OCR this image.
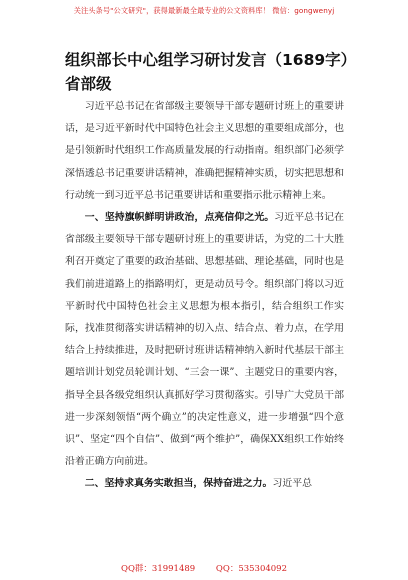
关注头条号"公文研究"，获得最新最全最专业的公文资料库！ 微信：gongwenyj
组织部长中心组学习研讨发言（1689字）
省部级

习近平总书记在省部级主要领导干部专题研讨班上的重要讲话，是习近平新时代中国特色社会主义思想的重要组成部分，也是引领新时代组织工作高质量发展的行动指南。组织部门必须学深悟透总书记重要讲话精神，准确把握精神实质，切实把思想和行动统一到习近平总书记重要讲话和重要指示批示精神上来。

一、坚持旗帜鲜明讲政治，点亮信仰之光。习近平总书记在省部级主要领导干部专题研讨班上的重要讲话，为党的二十大胜利召开奠定了重要的政治基础、思想基础、理论基础，同时也是我们前进道路上的指路明灯，更是动员号令。组织部门将以习近平新时代中国特色社会主义思想为根本指引，结合组织工作实际，找准贯彻落实讲话精神的切入点、结合点、着力点，在学用结合上持续推进，及时把研讨班讲话精神纳入新时代基层干部主题培训计划党员轮训计划、“三会一课”、主题党日的重要内容，指导全县各级党组织认真抓好学习贯彻落实。引导广大党员干部进一步深刻领悟“两个确立”的决定性意义，进一步增强“四个意识”、坚定“四个自信”、做到“两个维护”，确保XX组织工作始终沿着正确方向前进。

二、坚持求真务实敢担当，保持奋进之力。习近平总

QQ群：31991489 QQ：535304092
